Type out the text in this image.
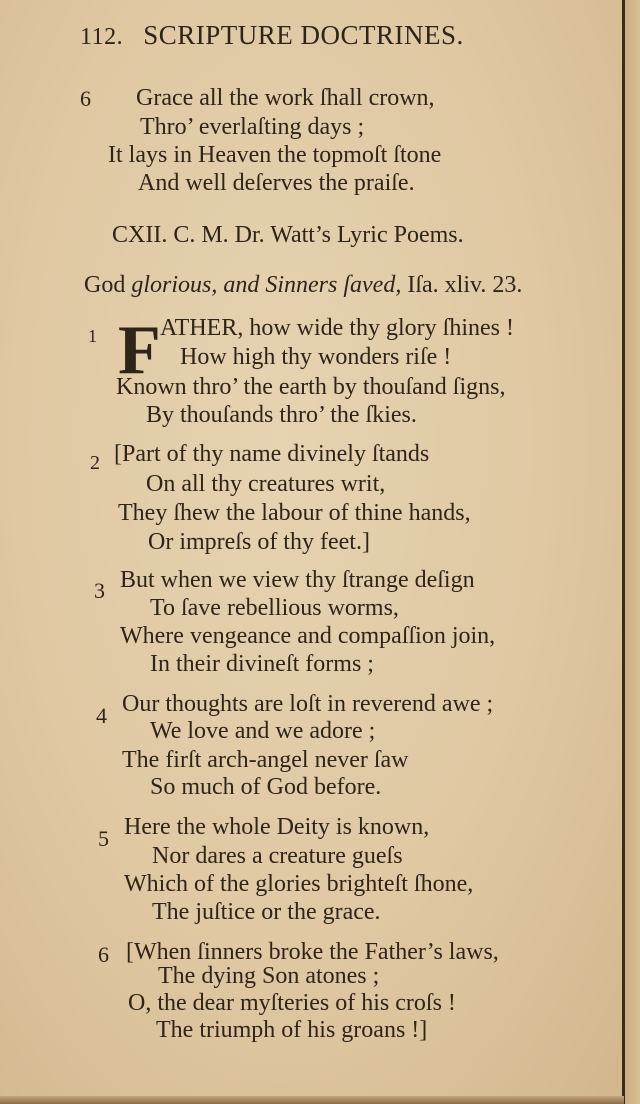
112. SCRIPTURE DOCTRINES.
6 Grace all the work ſhall crown,
Thro’ everlaſting days ;
It lays in Heaven the topmoſt ſtone
And well deſerves the praiſe.
CXII. C. M. Dr. Watt’s Lyric Poems.
God glorious, and Sinners ſaved, Iſa. xliv. 23.
1 F ATHER, how wide thy glory ſhines !
How high thy wonders riſe !
Known thro’ the earth by thouſand ſigns,
By thouſands thro’ the ſkies.
2 [Part of thy name divinely ſtands
On all thy creatures writ,
They ſhew the labour of thine hands,
Or impreſs of thy feet.]
3 But when we view thy ſtrange deſign
To ſave rebellious worms,
Where vengeance and compaſſion join,
In their divineſt forms ;
4 Our thoughts are loſt in reverend awe ;
We love and we adore ;
The firſt arch-angel never ſaw
So much of God before.
5 Here the whole Deity is known,
Nor dares a creature gueſs
Which of the glories brighteſt ſhone,
The juſtice or the grace.
6 [When ſinners broke the Father’s laws,
The dying Son atones ;
O, the dear myſteries of his croſs !
The triumph of his groans !]
